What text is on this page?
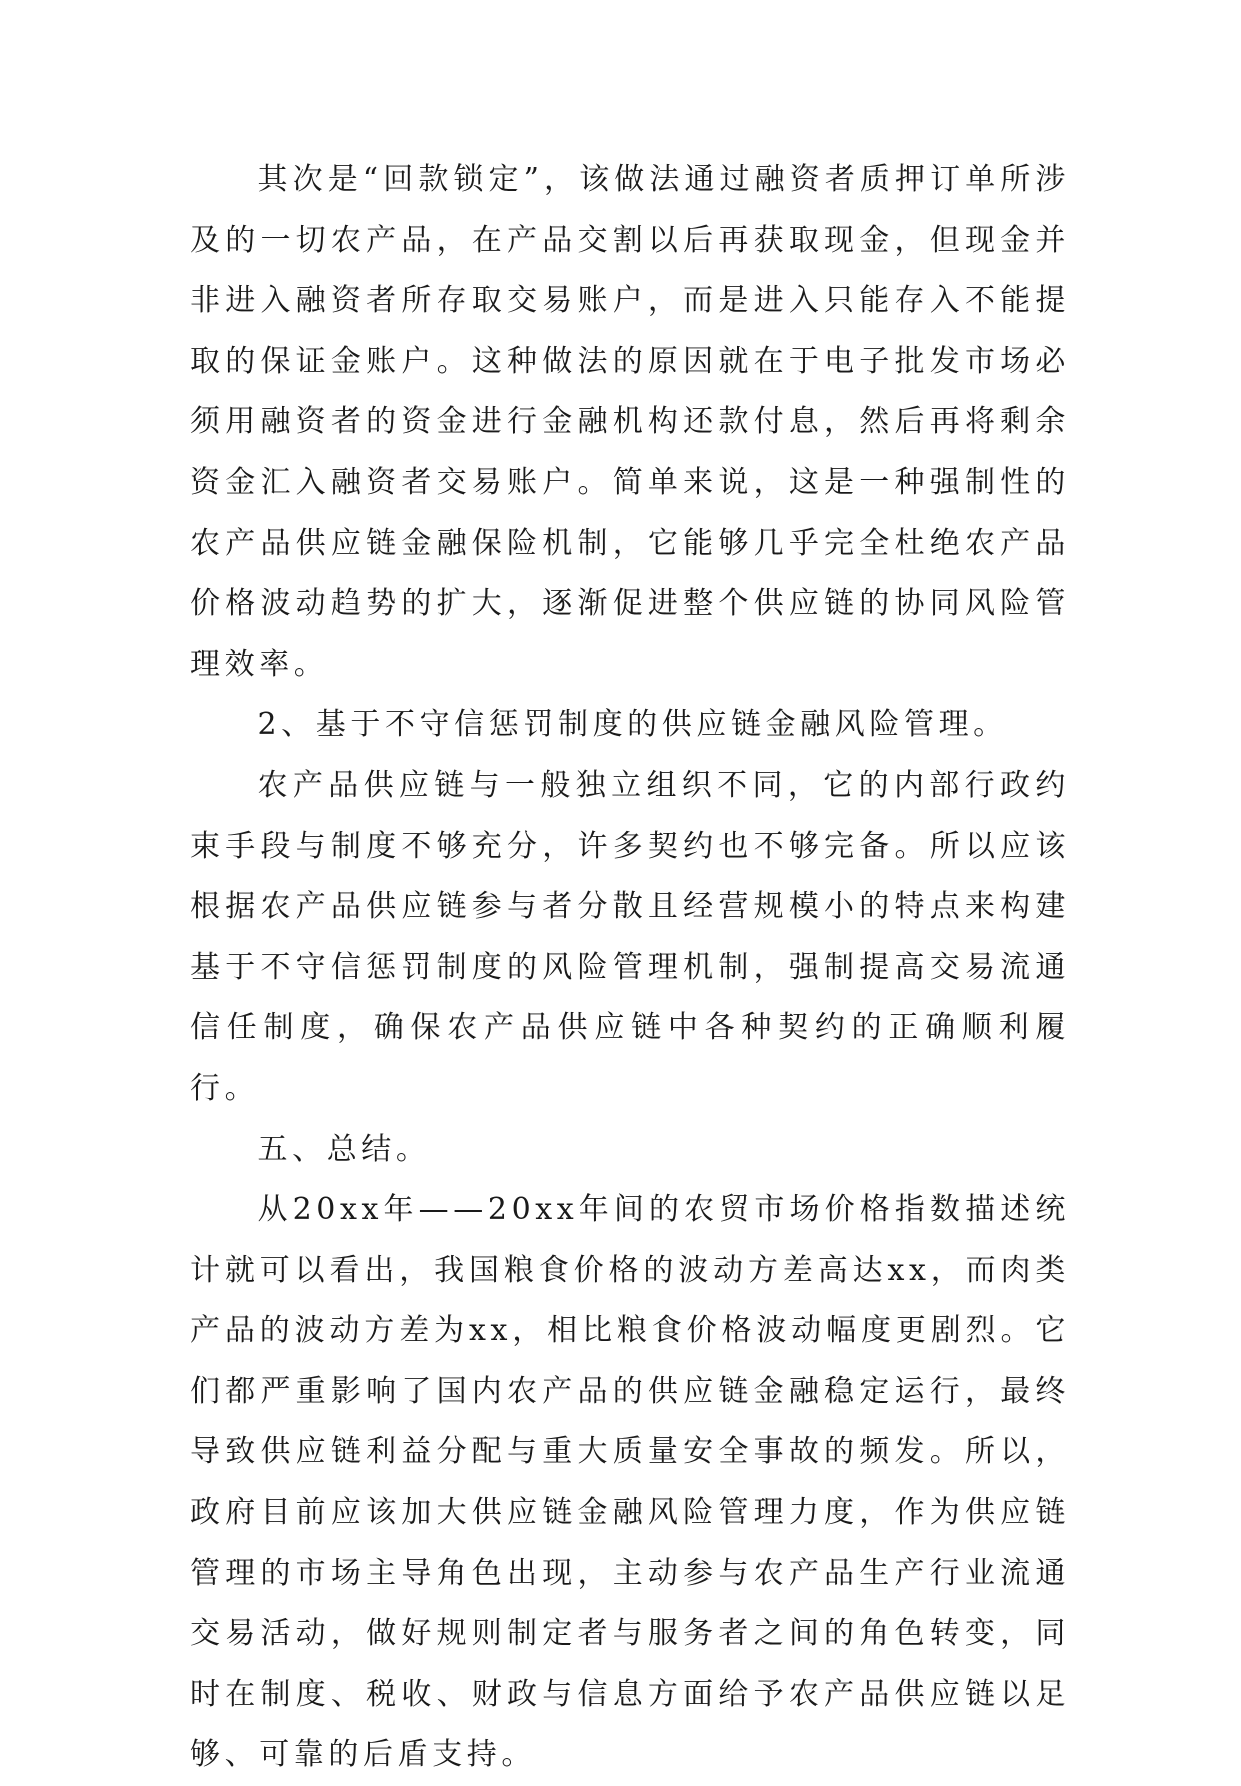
其次是“回款锁定”，该做法通过融资者质押订单所涉及的一切农产品，在产品交割以后再获取现金，但现金并非进入融资者所存取交易账户，而是进入只能存入不能提取的保证金账户。这种做法的原因就在于电子批发市场必须用融资者的资金进行金融机构还款付息，然后再将剩余资金汇入融资者交易账户。简单来说，这是一种强制性的农产品供应链金融保险机制，它能够几乎完全杜绝农产品价格波动趋势的扩大，逐渐促进整个供应链的协同风险管理效率。

2、基于不守信惩罚制度的供应链金融风险管理。

农产品供应链与一般独立组织不同，它的内部行政约束手段与制度不够充分，许多契约也不够完备。所以应该根据农产品供应链参与者分散且经营规模小的特点来构建基于不守信惩罚制度的风险管理机制，强制提高交易流通信任制度，确保农产品供应链中各种契约的正确顺利履行。

五、总结。

从20xx年——20xx年间的农贸市场价格指数描述统计就可以看出，我国粮食价格的波动方差高达xx，而肉类产品的波动方差为xx，相比粮食价格波动幅度更剧烈。它们都严重影响了国内农产品的供应链金融稳定运行，最终导致供应链利益分配与重大质量安全事故的频发。所以，政府目前应该加大供应链金融风险管理力度，作为供应链管理的市场主导角色出现，主动参与农产品生产行业流通交易活动，做好规则制定者与服务者之间的角色转变，同时在制度、税收、财政与信息方面给予农产品供应链以足够、可靠的后盾支持。
